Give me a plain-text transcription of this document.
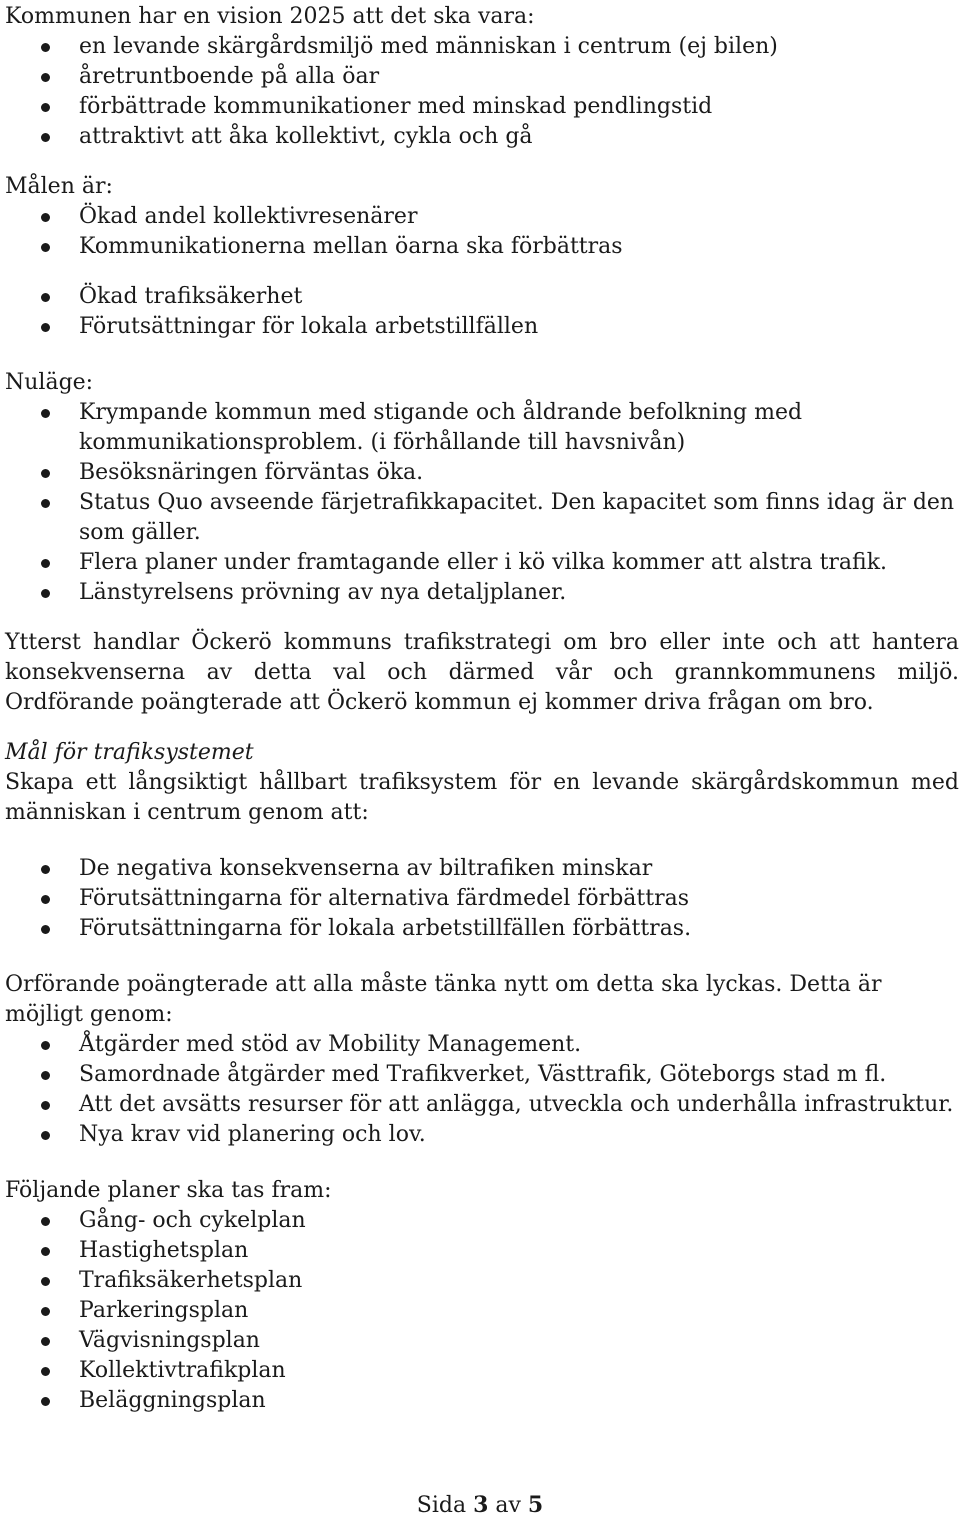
Kommunen har en vision 2025 att det ska vara:

en levande skärgårdsmiljö med människan i centrum (ej bilen)
åretruntboende på alla öar
förbättrade kommunikationer med minskad pendlingstid
attraktivt att åka kollektivt, cykla och gå

Målen är:

Ökad andel kollektivresenärer
Kommunikationerna mellan öarna ska förbättras
Ökad trafiksäkerhet
Förutsättningar för lokala arbetstillfällen

Nuläge:

Krympande kommun med stigande och åldrande befolkning med kommunikationsproblem. (i förhållande till havsnivån)
Besöksnäringen förväntas öka.
Status Quo avseende färjetrafikkapacitet. Den kapacitet som finns idag är den som gäller.
Flera planer under framtagande eller i kö vilka kommer att alstra trafik.
Länstyrelsens prövning av nya detaljplaner.

Ytterst handlar Öckerö kommuns trafikstrategi om bro eller inte och att hantera konsekvenserna av detta val och därmed vår och grannkommunens miljö. Ordförande poängterade att Öckerö kommun ej kommer driva frågan om bro.

Mål för trafiksystemet

Skapa ett långsiktigt hållbart trafiksystem för en levande skärgårdskommun med människan i centrum genom att:

De negativa konsekvenserna av biltrafiken minskar
Förutsättningarna för alternativa färdmedel förbättras
Förutsättningarna för lokala arbetstillfällen förbättras.

Orförande poängterade att alla måste tänka nytt om detta ska lyckas. Detta är möjligt genom:

Åtgärder med stöd av Mobility Management.
Samordnade åtgärder med Trafikverket, Västtrafik, Göteborgs stad m fl.
Att det avsätts resurser för att anlägga, utveckla och underhålla infrastruktur.
Nya krav vid planering och lov.

Följande planer ska tas fram:

Gång- och cykelplan
Hastighetsplan
Trafiksäkerhetsplan
Parkeringsplan
Vägvisningsplan
Kollektivtrafikplan
Beläggningsplan
Sida 3 av 5
